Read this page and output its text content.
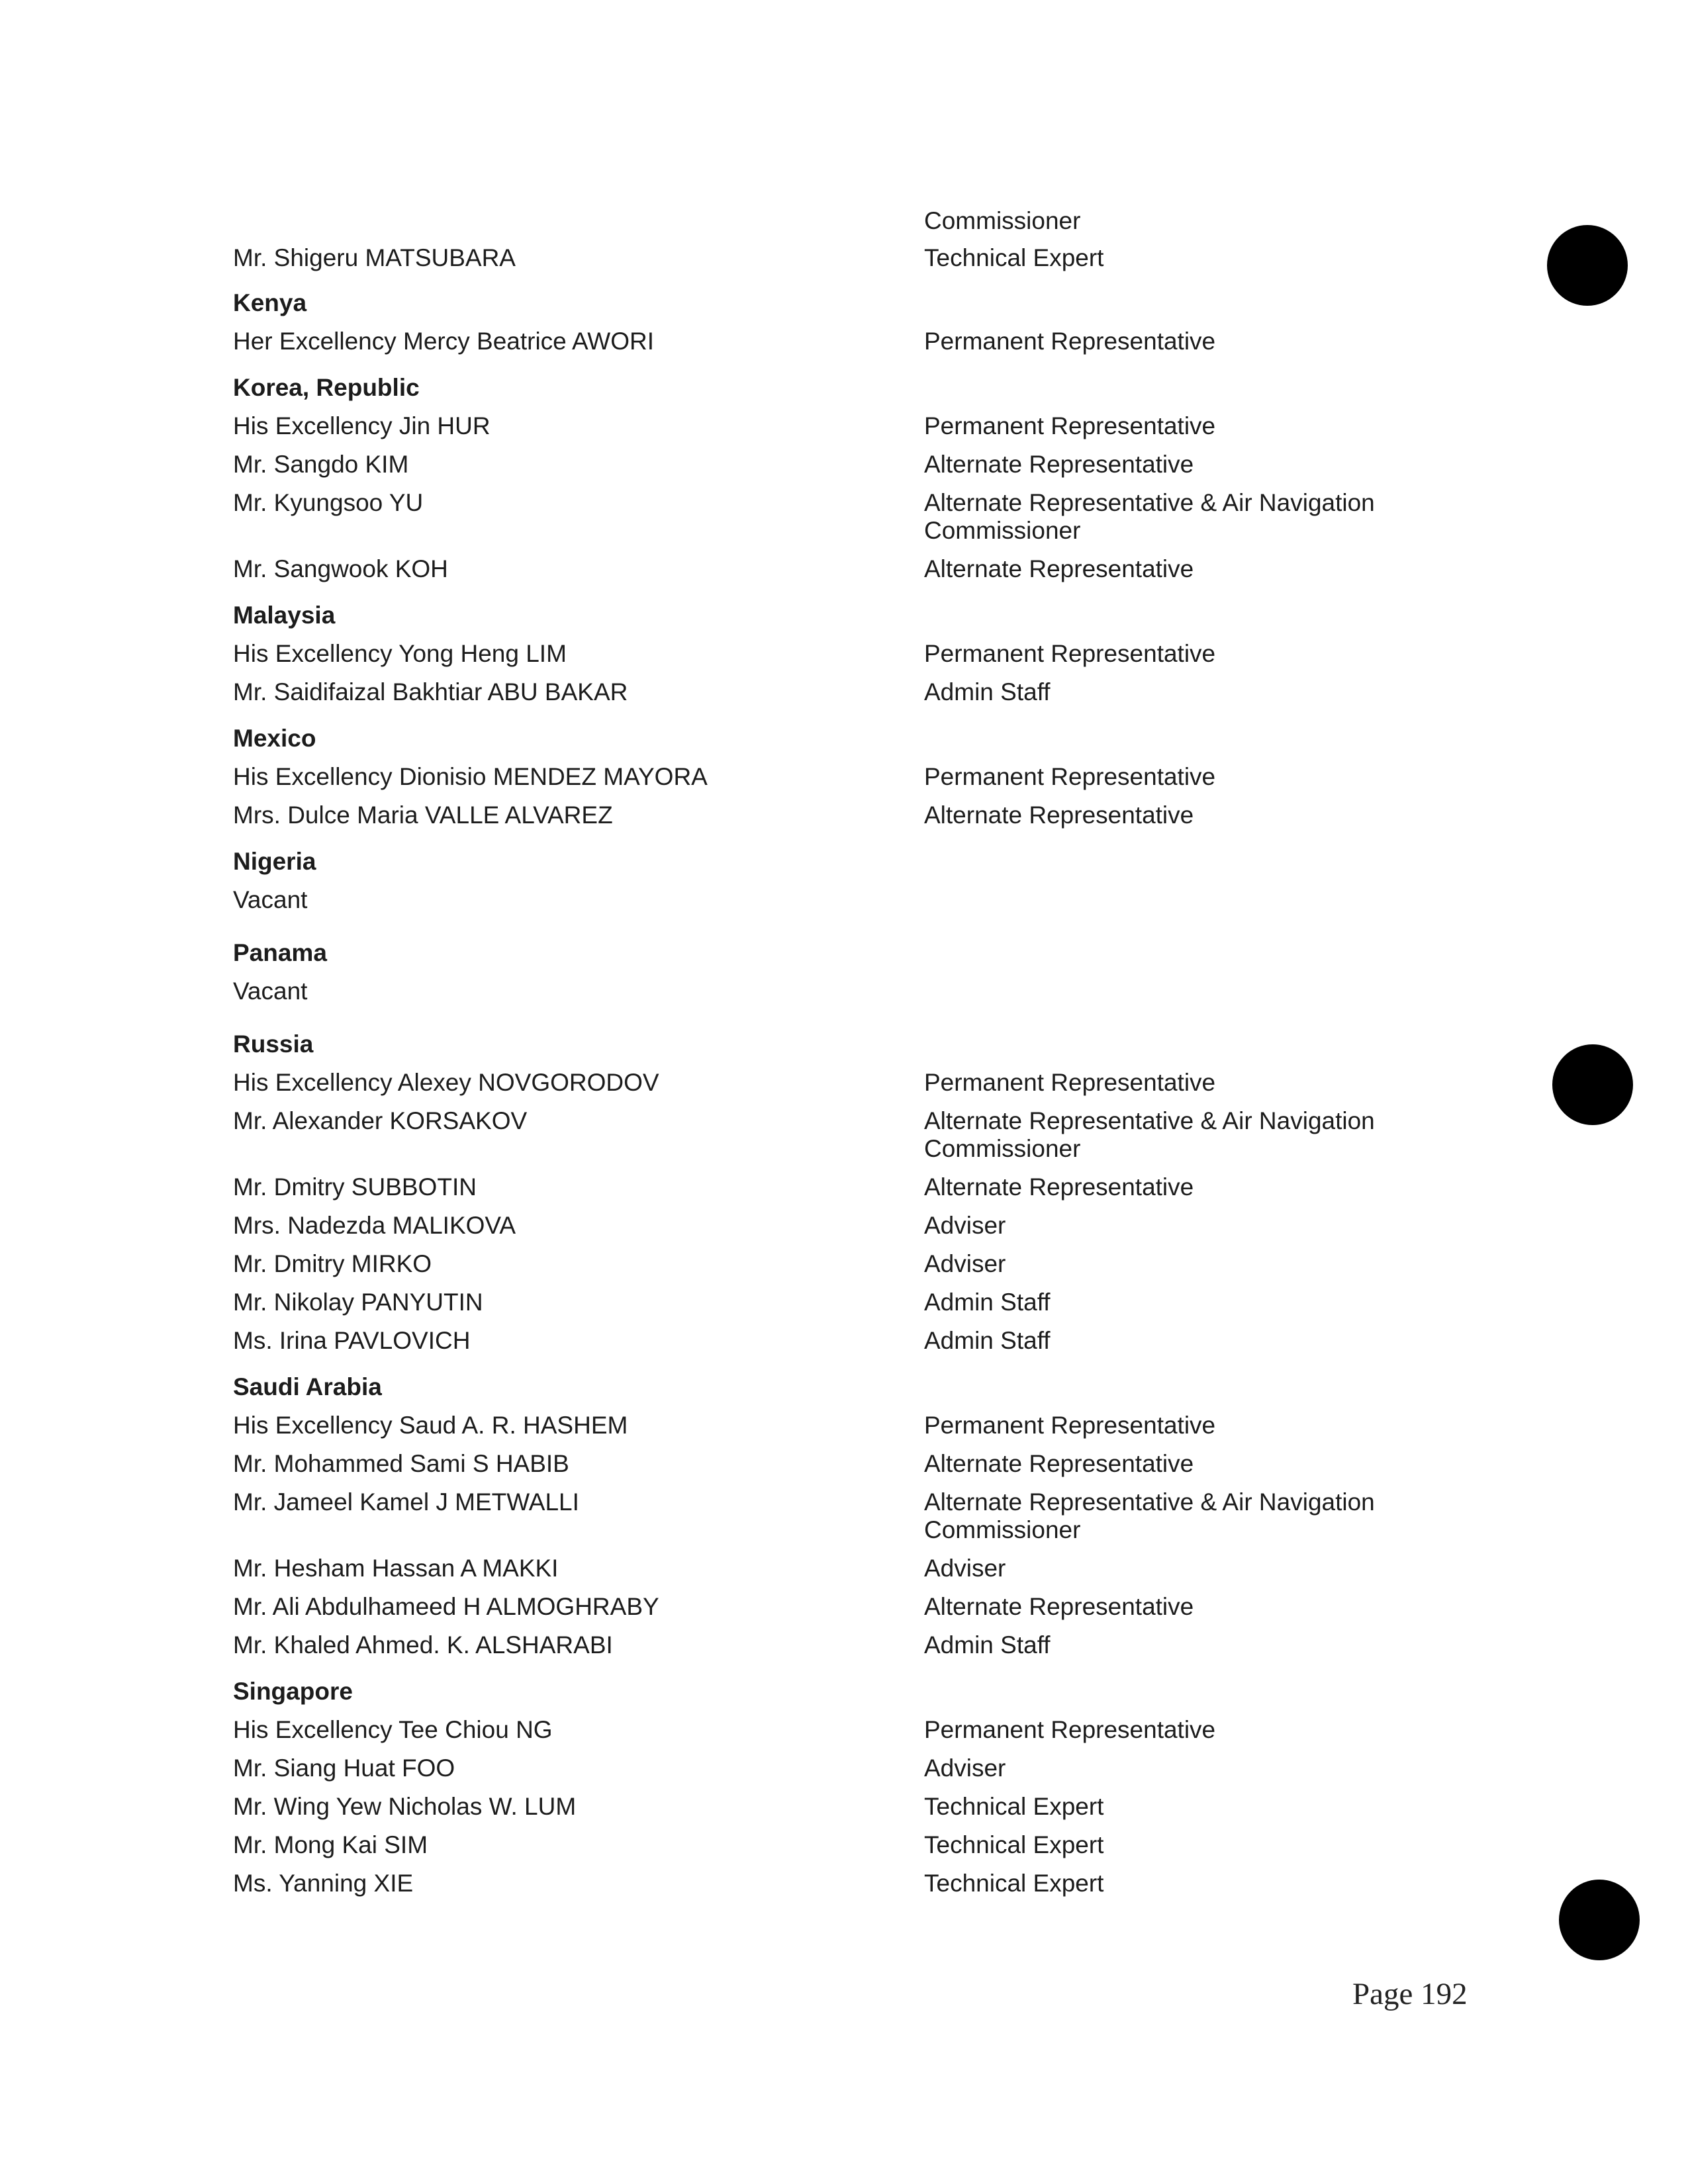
Page 192
Commissioner
Mr. Shigeru MATSUBARA	Technical Expert
Kenya
Her Excellency Mercy Beatrice AWORI	Permanent Representative
Korea, Republic
His Excellency Jin HUR	Permanent Representative
Mr. Sangdo KIM	Alternate Representative
Mr. Kyungsoo YU	Alternate Representative & Air Navigation
Commissioner
Mr. Sangwook KOH	Alternate Representative
Malaysia
His Excellency Yong Heng LIM	Permanent Representative
Mr. Saidifaizal Bakhtiar ABU BAKAR	Admin Staff
Mexico
His Excellency Dionisio MENDEZ MAYORA	Permanent Representative
Mrs. Dulce Maria VALLE ALVAREZ	Alternate Representative
Nigeria
Vacant
Panama
Vacant
Russia
His Excellency Alexey NOVGORODOV	Permanent Representative
Mr. Alexander KORSAKOV	Alternate Representative & Air Navigation
Commissioner
Mr. Dmitry SUBBOTIN	Alternate Representative
Mrs. Nadezda MALIKOVA	Adviser
Mr. Dmitry MIRKO	Adviser
Mr. Nikolay PANYUTIN	Admin Staff
Ms. Irina PAVLOVICH	Admin Staff
Saudi Arabia
His Excellency Saud A. R. HASHEM	Permanent Representative
Mr. Mohammed Sami S HABIB	Alternate Representative
Mr. Jameel Kamel J METWALLI	Alternate Representative & Air Navigation
Commissioner
Mr. Hesham Hassan A MAKKI	Adviser
Mr. Ali Abdulhameed H ALMOGHRABY	Alternate Representative
Mr. Khaled Ahmed. K. ALSHARABI	Admin Staff
Singapore
His Excellency Tee Chiou NG	Permanent Representative
Mr. Siang Huat FOO	Adviser
Mr. Wing Yew Nicholas W. LUM	Technical Expert
Mr. Mong Kai SIM	Technical Expert
Ms. Yanning XIE	Technical Expert
